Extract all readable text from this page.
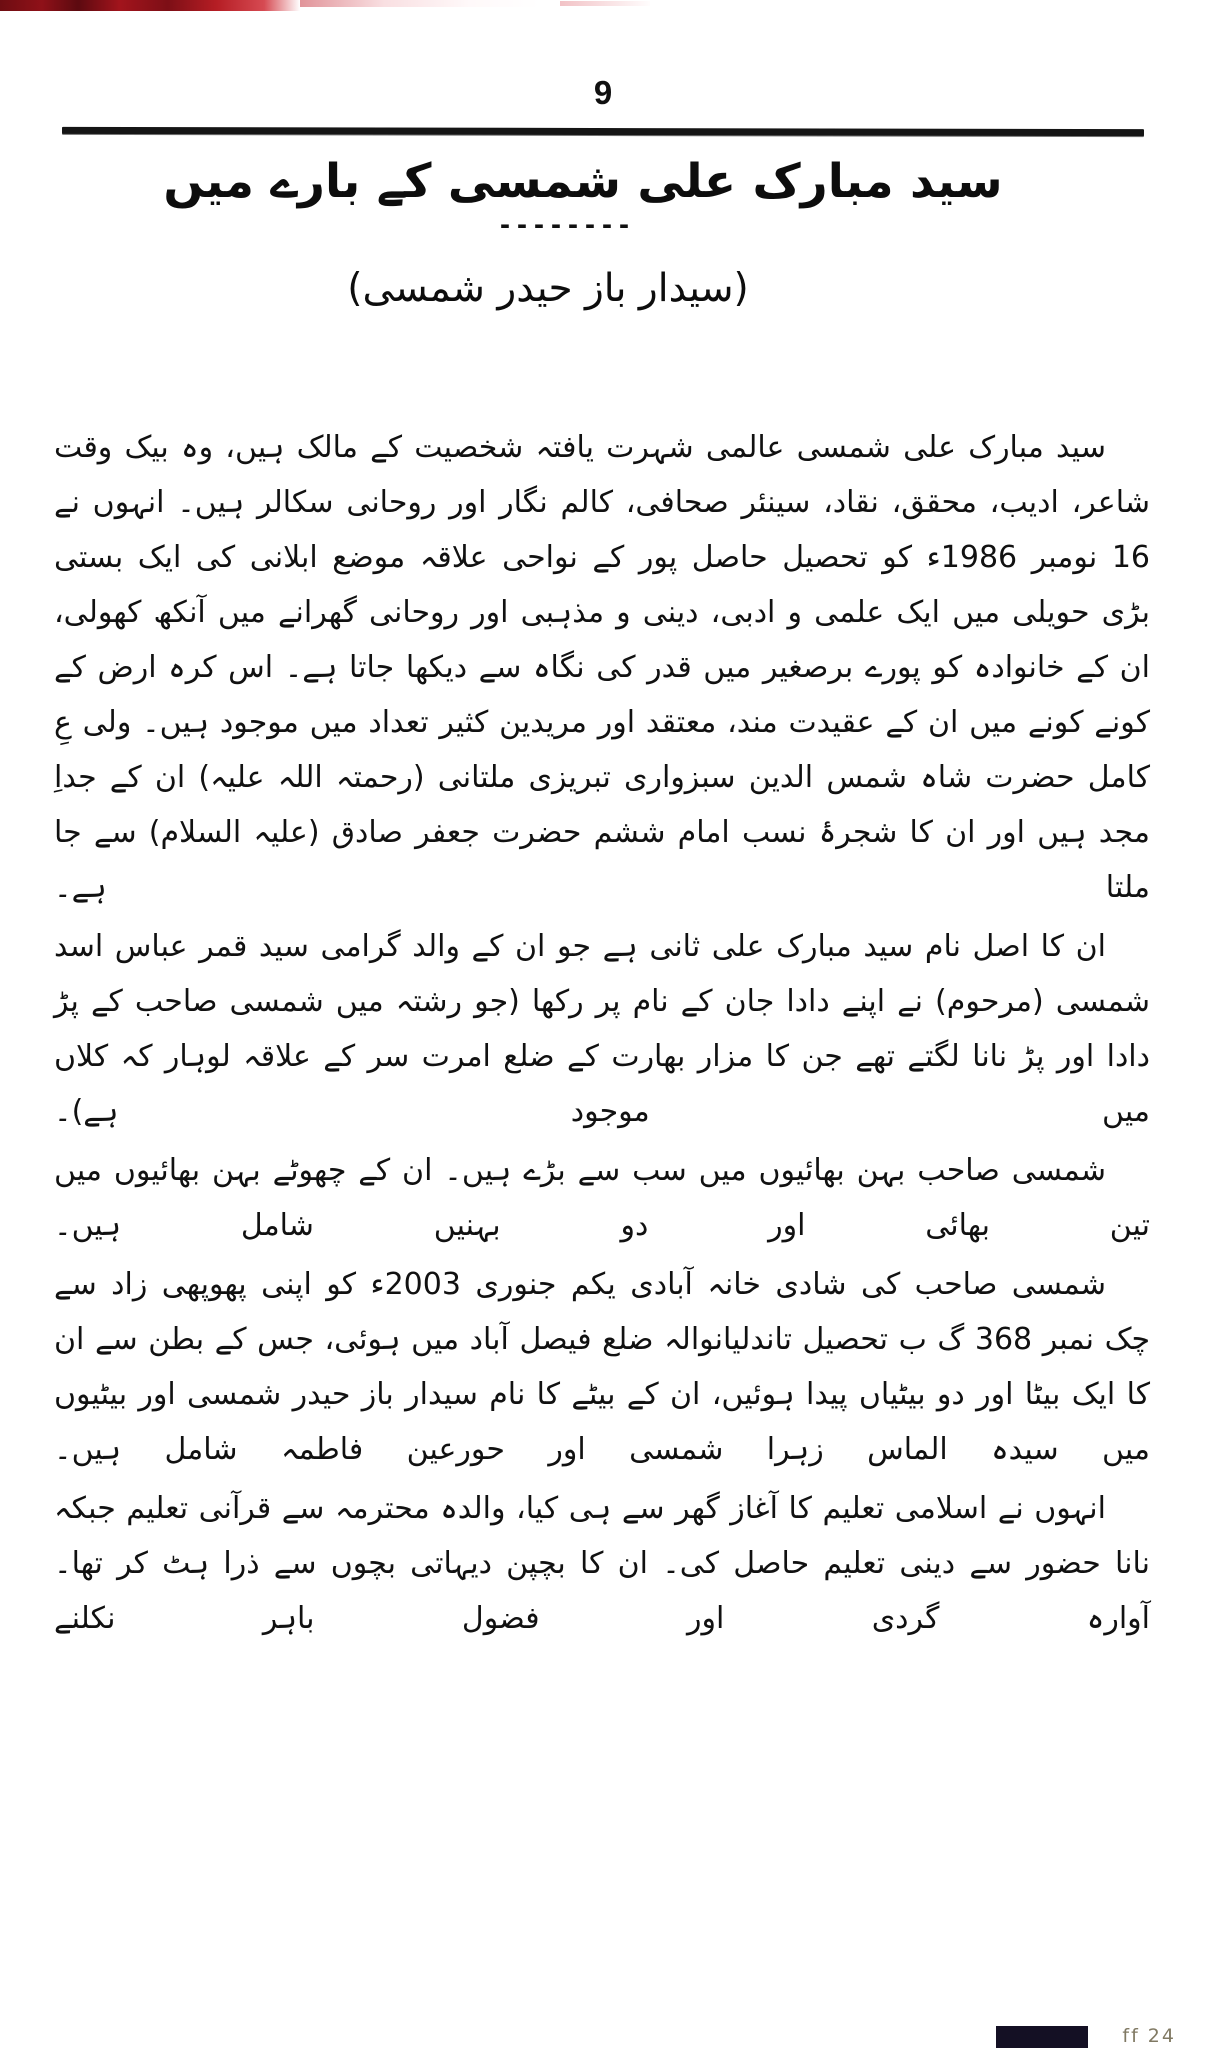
9
سید مبارک علی شمسی کے بارے میں
--------
(سیدار باز حیدر شمسی)

سید مبارک علی شمسی عالمی شہرت یافتہ شخصیت کے مالک ہیں، وہ بیک وقت شاعر، ادیب، محقق، نقاد، سینئر صحافی، کالم نگار اور روحانی سکالر ہیں۔ انہوں نے 16 نومبر 1986ء کو تحصیل حاصل پور کے نواحی علاقہ موضع ابلانی کی ایک بستی بڑی حویلی میں ایک علمی و ادبی، دینی و مذہبی اور روحانی گھرانے میں آنکھ کھولی، ان کے خانوادہ کو پورے برصغیر میں قدر کی نگاہ سے دیکھا جاتا ہے۔ اس کرہ ارض کے کونے کونے میں ان کے عقیدت مند، معتقد اور مریدین کثیر تعداد میں موجود ہیں۔ ولی عِ کامل حضرت شاہ شمس الدین سبزواری تبریزی ملتانی (رحمتہ اللہ علیہ) ان کے جداِ مجد ہیں اور ان کا شجرۂ نسب امام ششم حضرت جعفر صادق (علیہ السلام) سے جا ملتا ہے۔

ان کا اصل نام سید مبارک علی ثانی ہے جو ان کے والد گرامی سید قمر عباس اسد شمسی (مرحوم) نے اپنے دادا جان کے نام پر رکھا (جو رشتہ میں شمسی صاحب کے پڑ دادا اور پڑ نانا لگتے تھے جن کا مزار بھارت کے ضلع امرت سر کے علاقہ لوہار کہ کلاں میں موجود ہے)۔

شمسی صاحب بہن بھائیوں میں سب سے بڑے ہیں۔ ان کے چھوٹے بہن بھائیوں میں تین بھائی اور دو بہنیں شامل ہیں۔

شمسی صاحب کی شادی خانہ آبادی یکم جنوری 2003ء کو اپنی پھوپھی زاد سے چک نمبر 368 گ ب تحصیل تاندلیانوالہ ضلع فیصل آباد میں ہوئی، جس کے بطن سے ان کا ایک بیٹا اور دو بیٹیاں پیدا ہوئیں، ان کے بیٹے کا نام سیدار باز حیدر شمسی اور بیٹیوں میں سیدہ الماس زہرا شمسی اور حورعین فاطمہ شامل ہیں۔

انہوں نے اسلامی تعلیم کا آغاز گھر سے ہی کیا، والدہ محترمہ سے قرآنی تعلیم جبکہ نانا حضور سے دینی تعلیم حاصل کی۔ ان کا بچپن دیہاتی بچوں سے ذرا ہٹ کر تھا۔ آوارہ گردی اور فضول باہر نکلنے

ff 24
